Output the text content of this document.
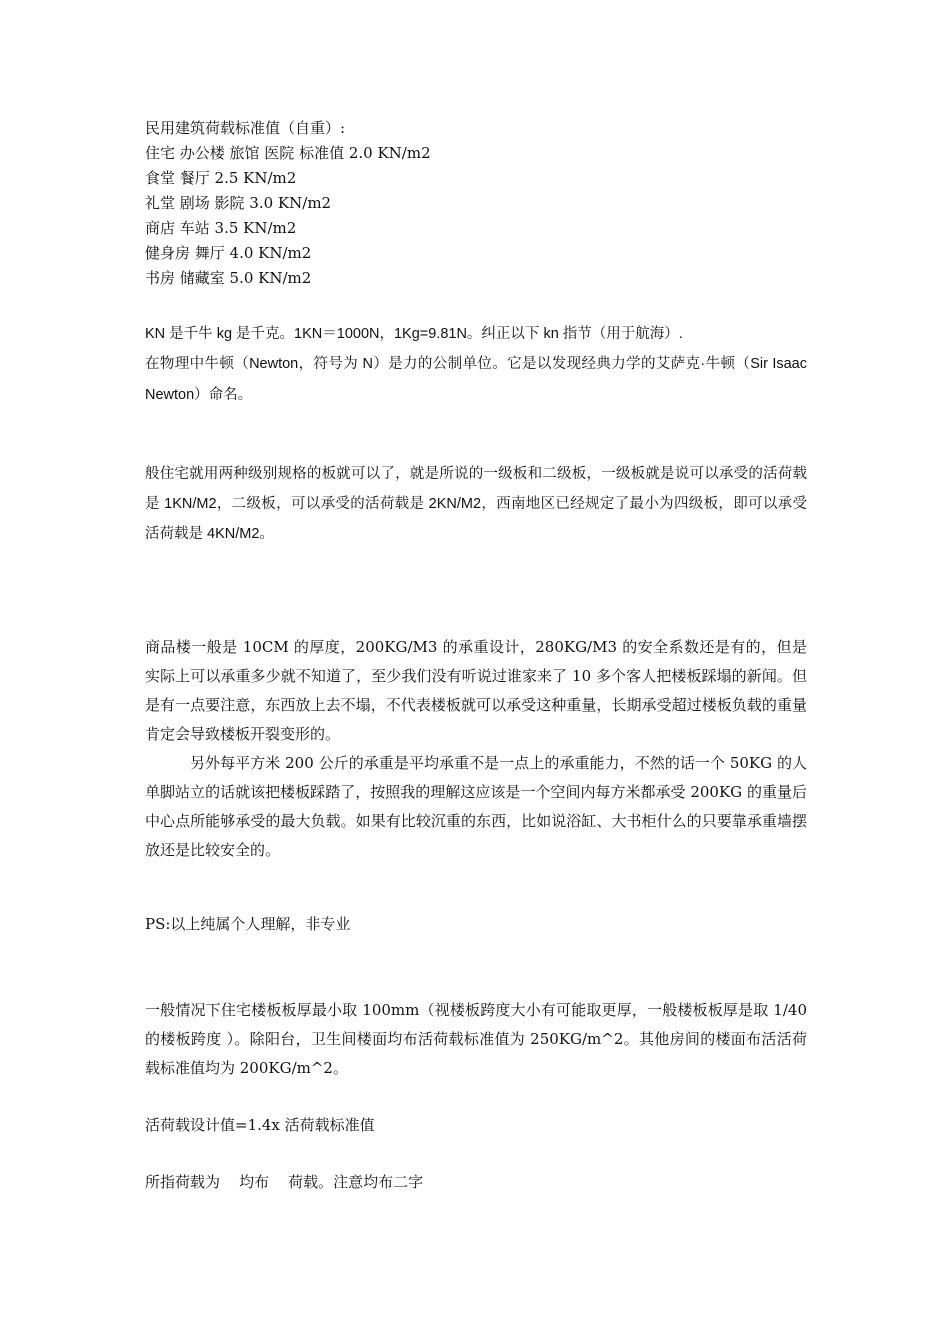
民用建筑荷载标准值（自重）:
住宅 办公楼 旅馆 医院 标准值 2.0 KN/m2
食堂 餐厅 2.5 KN/m2
礼堂 剧场 影院 3.0 KN/m2
商店 车站 3.5 KN/m2
健身房 舞厅 4.0 KN/m2
书房 储藏室 5.0 KN/m2

KN 是千牛 kg 是千克。1KN＝1000N，1Kg=9.81N。纠正以下 kn 指节（用于航海）.

在物理中牛顿（Newton，符号为 N）是力的公制单位。它是以发现经典力学的艾萨克·牛顿（Sir Isaac Newton）命名。

般住宅就用两种级别规格的板就可以了，就是所说的一级板和二级板，一级板就是说可以承受的活荷载是 1KN/M2，二级板，可以承受的活荷载是 2KN/M2，西南地区已经规定了最小为四级板，即可以承受活荷载是 4KN/M2。

商品楼一般是 10CM 的厚度，200KG/M3 的承重设计，280KG/M3 的安全系数还是有的，但是实际上可以承重多少就不知道了，至少我们没有听说过谁家来了 10 多个客人把楼板踩塌的新闻。但是有一点要注意，东西放上去不塌，不代表楼板就可以承受这种重量，长期承受超过楼板负载的重量肯定会导致楼板开裂变形的。

另外每平方米 200 公斤的承重是平均承重不是一点上的承重能力，不然的话一个 50KG 的人单脚站立的话就该把楼板踩踏了，按照我的理解这应该是一个空间内每方米都承受 200KG 的重量后中心点所能够承受的最大负载。如果有比较沉重的东西，比如说浴缸、大书柜什么的只要靠承重墙摆放还是比较安全的。

PS:以上纯属个人理解，非专业

一般情况下住宅楼板板厚最小取 100mm（视楼板跨度大小有可能取更厚，一般楼板板厚是取 1/40 的楼板跨度 ）。除阳台，卫生间楼面均布活荷载标准值为 250KG/m^2。其他房间的楼面布活活荷载标准值均为 200KG/m^2。

活荷载设计值=1.4x 活荷载标准值
所指荷载为    均布    荷载。注意均布二字
